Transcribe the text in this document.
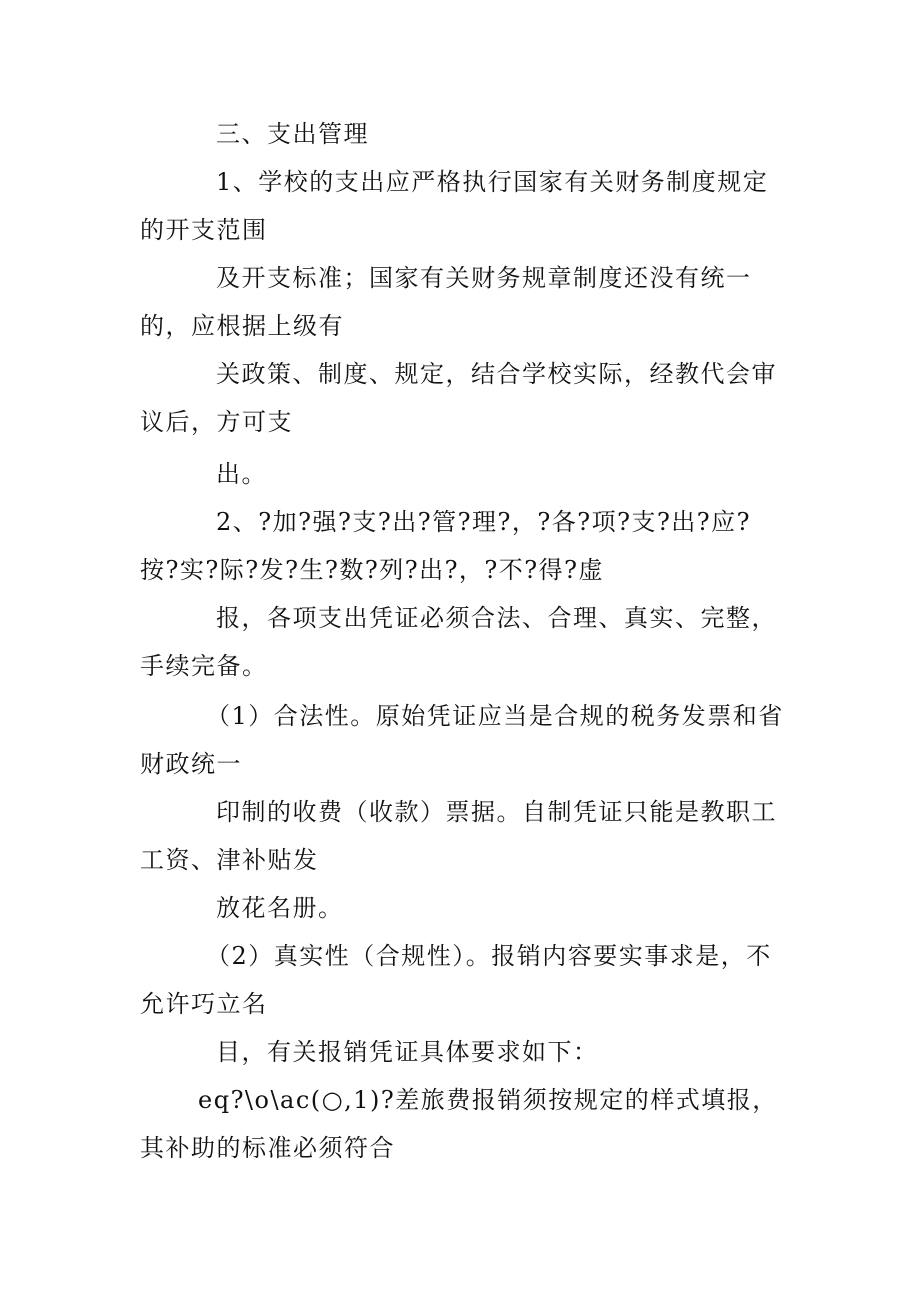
三、支出管理

1、学校的支出应严格执行国家有关财务制度规定的开支范围

及开支标准；国家有关财务规章制度还没有统一的，应根据上级有

关政策、制度、规定，结合学校实际，经教代会审议后，方可支

出。

2、?加?强?支?出?管?理?，?各?项?支?出?应?按?实?际?发?生?数?列?出?，?不?得?虚

报，各项支出凭证必须合法、合理、真实、完整，手续完备。

（1）合法性。原始凭证应当是合规的税务发票和省财政统一

印制的收费（收款）票据。自制凭证只能是教职工工资、津补贴发

放花名册。

（2）真实性（合规性）。报销内容要实事求是，不允许巧立名

目，有关报销凭证具体要求如下：

eq?\o\ac(○,1)?差旅费报销须按规定的样式填报，其补助的标准必须符合
